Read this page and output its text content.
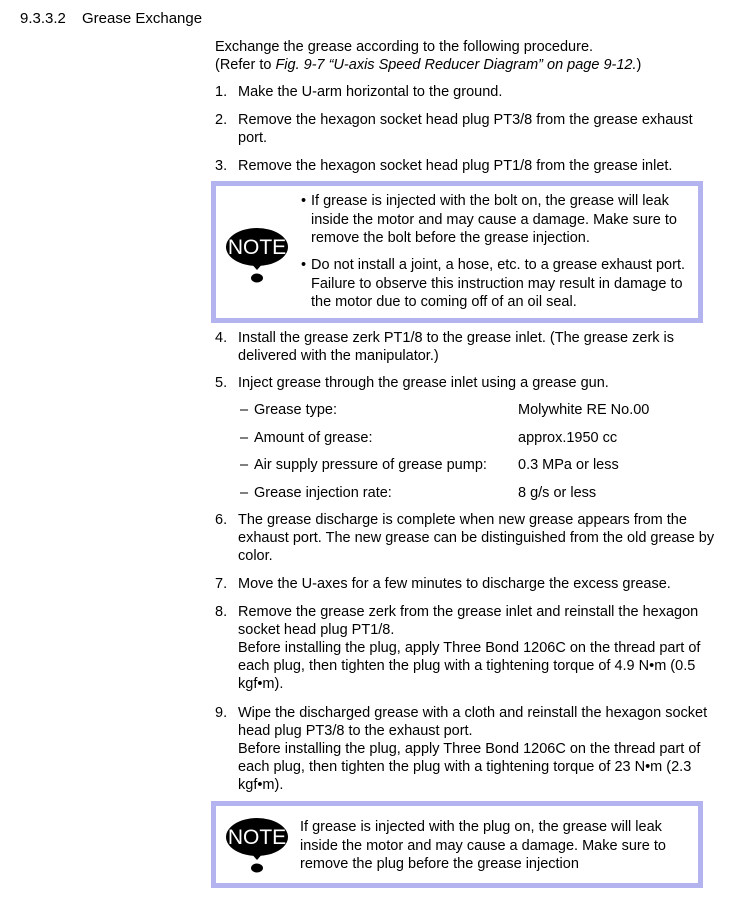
9.3.3.2 Grease Exchange
Exchange the grease according to the following procedure.
(Refer to Fig. 9-7 “U-axis Speed Reducer Diagram” on page 9-12.)
1. Make the U-arm horizontal to the ground.
2. Remove the hexagon socket head plug PT3/8 from the grease exhaust port.
3. Remove the hexagon socket head plug PT1/8 from the grease inlet.
NOTE
• If grease is injected with the bolt on, the grease will leak inside the motor and may cause a damage. Make sure to remove the bolt before the grease injection.
• Do not install a joint, a hose, etc. to a grease exhaust port. Failure to observe this instruction may result in damage to the motor due to coming off of an oil seal.
4. Install the grease zerk PT1/8 to the grease inlet. (The grease zerk is delivered with the manipulator.)
5. Inject grease through the grease inlet using a grease gun.
– Grease type:	Molywhite RE No.00
– Amount of grease:	approx.1950 cc
– Air supply pressure of grease pump: 0.3 MPa or less
– Grease injection rate:	8 g/s or less
6. The grease discharge is complete when new grease appears from the exhaust port. The new grease can be distinguished from the old grease by color.
7. Move the U-axes for a few minutes to discharge the excess grease.
8. Remove the grease zerk from the grease inlet and reinstall the hexagon socket head plug PT1/8.
Before installing the plug, apply Three Bond 1206C on the thread part of each plug, then tighten the plug with a tightening torque of 4.9 N•m (0.5 kgf•m).
9. Wipe the discharged grease with a cloth and reinstall the hexagon socket head plug PT3/8 to the exhaust port.
Before installing the plug, apply Three Bond 1206C on the thread part of each plug, then tighten the plug with a tightening torque of 23 N•m (2.3 kgf•m).
NOTE If grease is injected with the plug on, the grease will leak inside the motor and may cause a damage. Make sure to remove the plug before the grease injection
